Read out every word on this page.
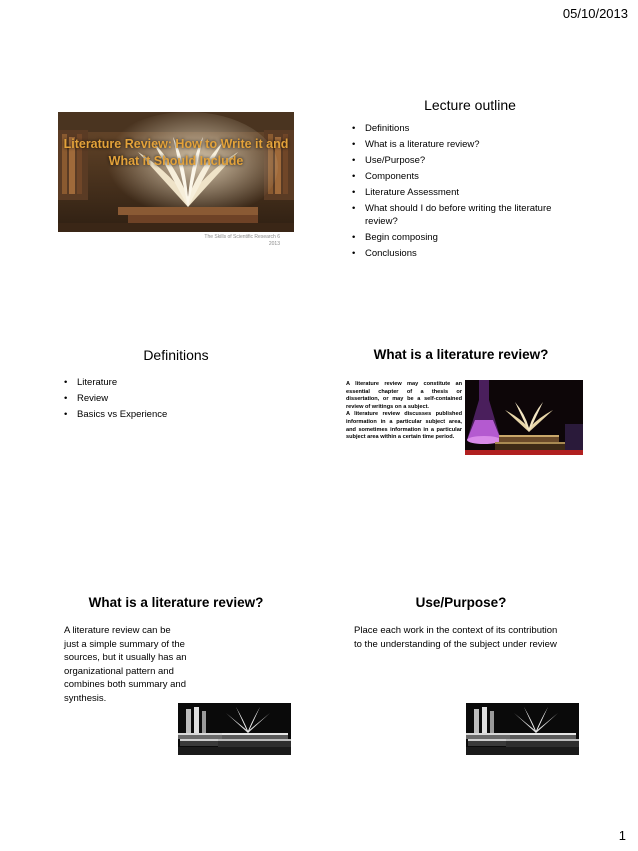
05/10/2013
Literature Review: How to Write it and What it Should Include
The Skills of Scientific Research 6 2013
Lecture outline
• Definitions
• What is a literature review?
• Use/Purpose?
• Components
• Literature Assessment
• What should I do before writing the literature review?
• Begin composing
• Conclusions
Definitions
• Literature
• Review
• Basics vs Experience
What is a literature review?
A literature review may constitute an essential chapter of a thesis or dissertation, or may be a self-contained review of writings on a subject.
A literature review discusses published information in a particular subject area, and sometimes information in a particular subject area within a certain time period.
What is a literature review?
A literature review can be just a simple summary of the sources, but it usually has an organizational pattern and combines both summary and synthesis.
Use/Purpose?
Place each work in the context of its contribution to the understanding of the subject under review
1
